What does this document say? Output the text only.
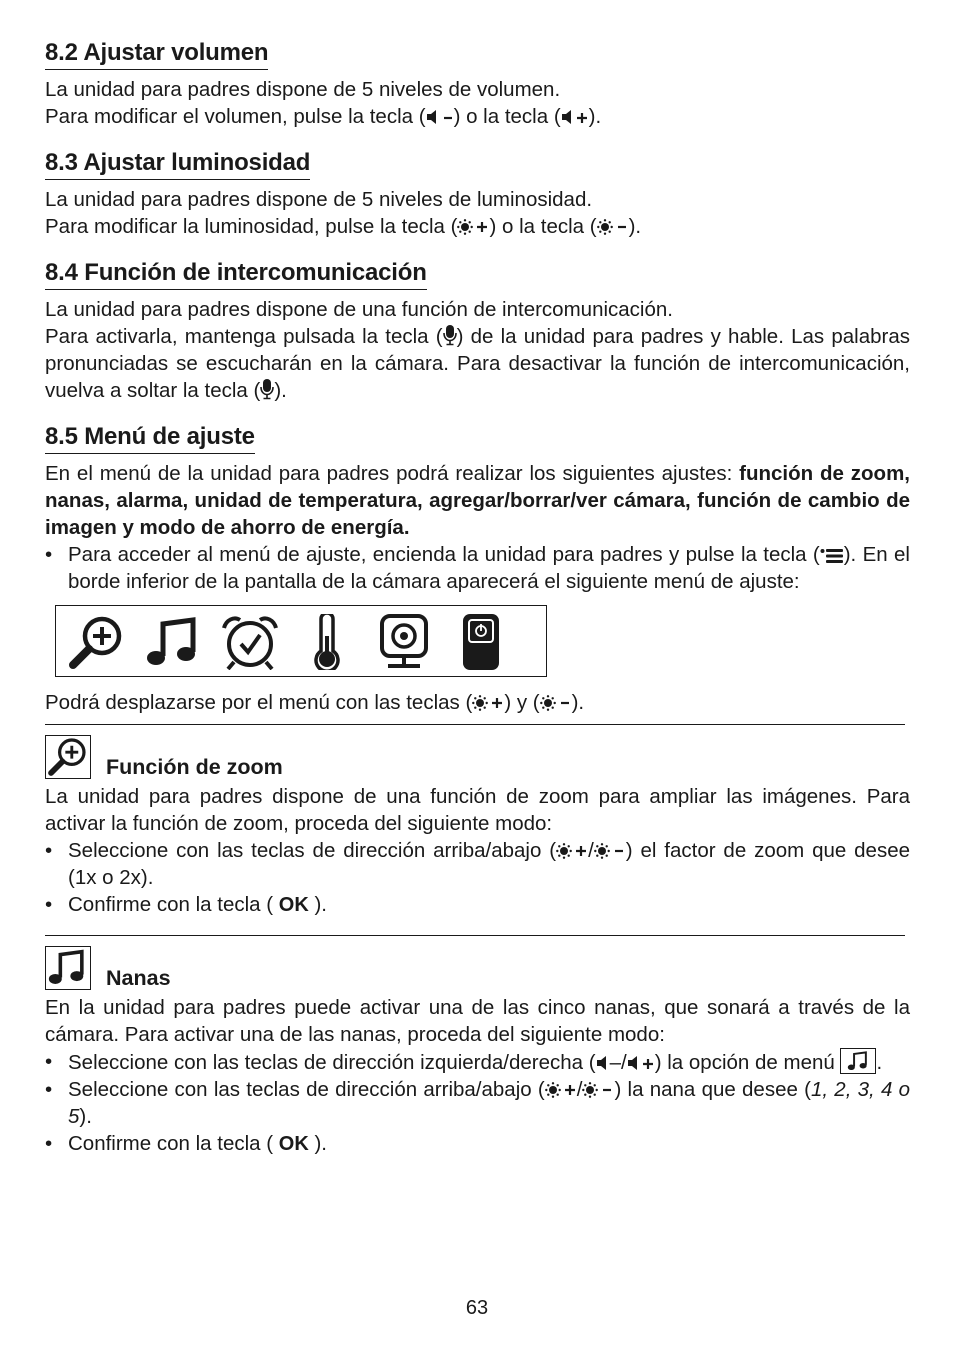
8.2 Ajustar volumen

La unidad para padres dispone de 5 niveles de volumen.
Para modificar el volumen, pulse la tecla ( ) o la tecla ( ).

8.3 Ajustar luminosidad

La unidad para padres dispone de 5 niveles de luminosidad.
Para modificar la luminosidad, pulse la tecla ( ) o la tecla ( ).

8.4 Función de intercomunicación

La unidad para padres dispone de una función de intercomunicación.
Para activarla, mantenga pulsada la tecla ( ) de la unidad para padres y hable. Las palabras pronunciadas se escucharán en la cámara. Para desactivar la función de intercomunicación, vuelva a soltar la tecla ( ).

8.5 Menú de ajuste

En el menú de la unidad para padres podrá realizar los siguientes ajustes: función de zoom, nanas, alarma, unidad de temperatura, agregar/borrar/ver cámara, función de cambio de imagen y modo de ahorro de energía.

• Para acceder al menú de ajuste, encienda la unidad para padres y pulse la tecla ( ). En el borde inferior de la pantalla de la cámara aparecerá el siguiente menú de ajuste:

Podrá desplazarse por el menú con las teclas ( ) y ( ).

Función de zoom

La unidad para padres dispone de una función de zoom para ampliar las imágenes. Para activar la función de zoom, proceda del siguiente modo:

• Seleccione con las teclas de dirección arriba/abajo ( / ) el factor de zoom que desee (1x o 2x).

• Confirme con la tecla ( OK ).

Nanas

En la unidad para padres puede activar una de las cinco nanas, que sonará a través de la cámara. Para activar una de las nanas, proceda del siguiente modo:

• Seleccione con las teclas de dirección izquierda/derecha ( –/ ) la opción de menú
.

• Seleccione con las teclas de dirección arriba/abajo ( / ) la nana que desee (1, 2, 3, 4 o 5).

• Confirme con la tecla ( OK ).

63
